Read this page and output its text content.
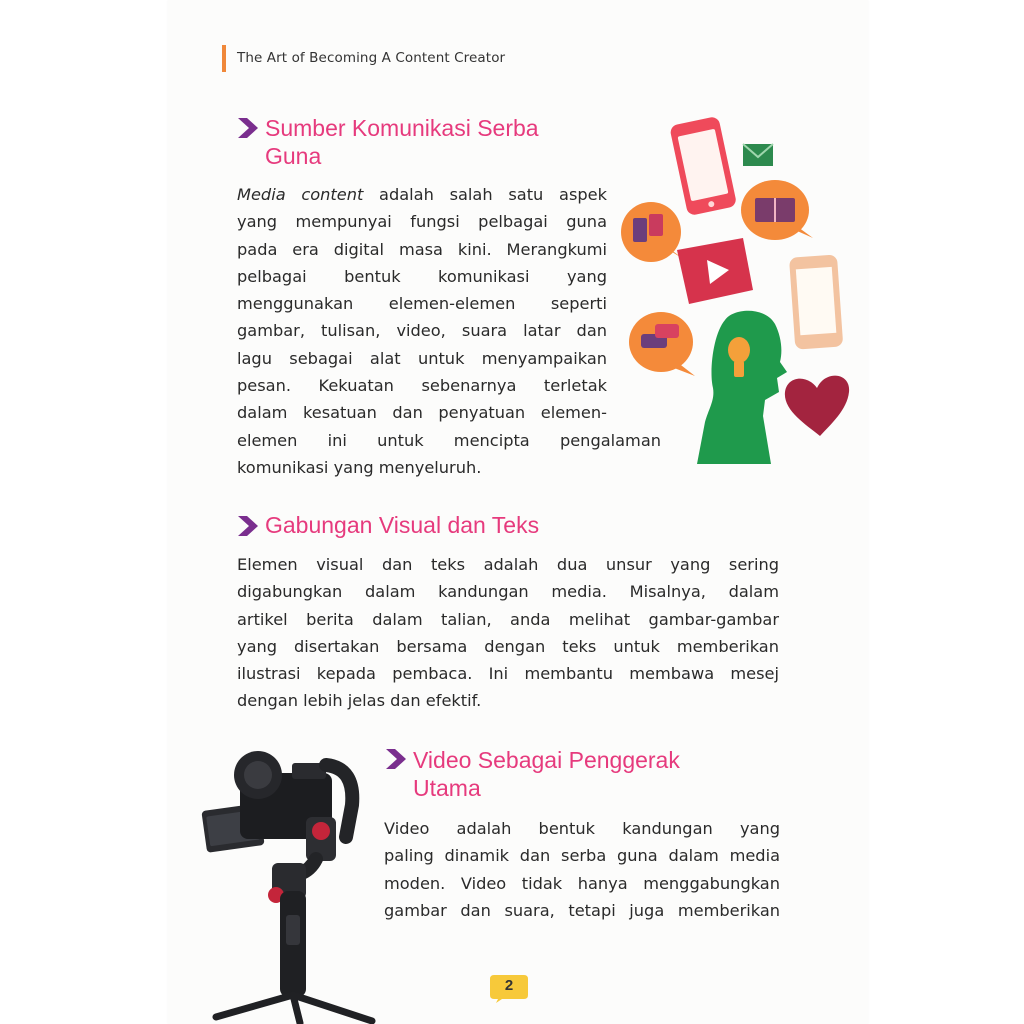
The Art of Becoming A Content Creator
Sumber Komunikasi Serba
Guna
Media content adalah salah satu aspek
yang mempunyai fungsi pelbagai guna
pada era digital masa kini. Merangkumi
pelbagai bentuk komunikasi yang
menggunakan elemen-elemen seperti
gambar, tulisan, video, suara latar dan
lagu sebagai alat untuk menyampaikan
pesan. Kekuatan sebenarnya terletak
dalam kesatuan dan penyatuan elemen-
elemen ini untuk mencipta pengalaman
komunikasi yang menyeluruh.
Gabungan Visual dan Teks
Elemen visual dan teks adalah dua unsur yang sering
digabungkan dalam kandungan media. Misalnya, dalam
artikel berita dalam talian, anda melihat gambar-gambar
yang disertakan bersama dengan teks untuk memberikan
ilustrasi kepada pembaca. Ini membantu membawa mesej
dengan lebih jelas dan efektif.
Video Sebagai Penggerak
Utama
Video adalah bentuk kandungan yang
paling dinamik dan serba guna dalam media
moden. Video tidak hanya menggabungkan
gambar dan suara, tetapi juga memberikan
2
